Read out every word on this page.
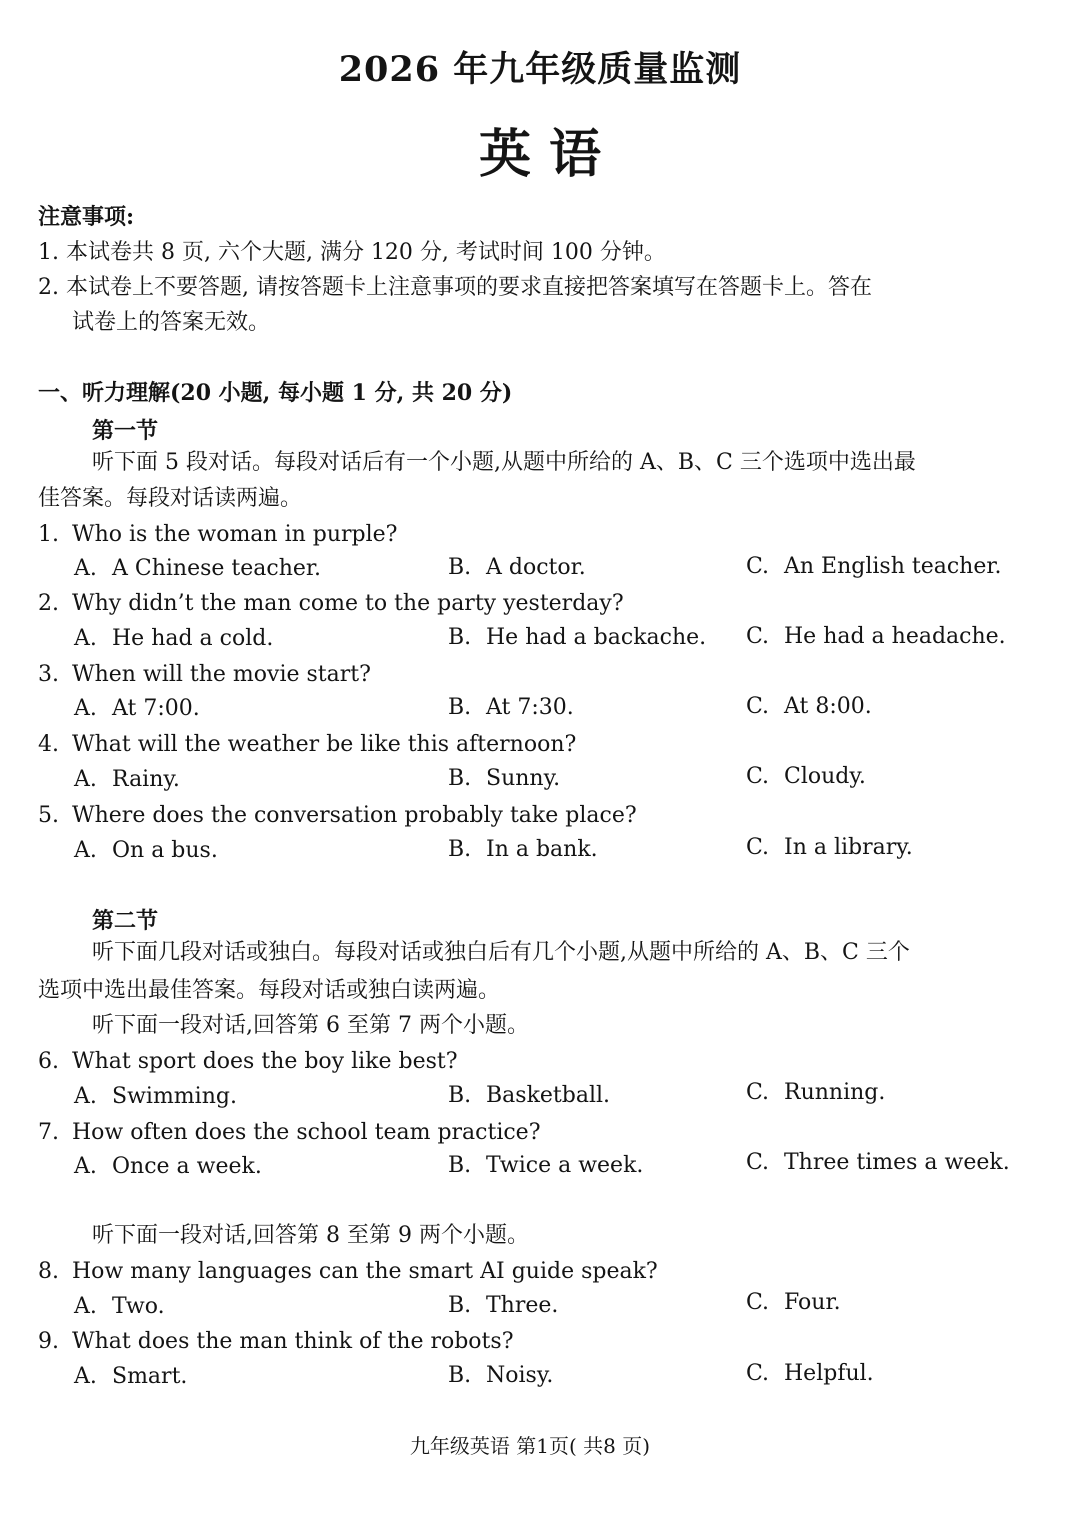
2026 年九年级质量监测
英 语
注意事项:
1. 本试卷共 8 页, 六个大题, 满分 120 分, 考试时间 100 分钟。
2. 本试卷上不要答题, 请按答题卡上注意事项的要求直接把答案填写在答题卡上。答在
试卷上的答案无效。
一、听力理解(20 小题, 每小题 1 分, 共 20 分)
第一节
听下面 5 段对话。每段对话后有一个小题,从题中所给的 A、B、C 三个选项中选出最
佳答案。每段对话读两遍。
1. Who is the woman in purple?
A. A Chinese teacher.	B. A doctor.	C. An English teacher.
2. Why didn’t the man come to the party yesterday?
A. He had a cold.	B. He had a backache. C. He had a headache.
3. When will the movie start?
A. At 7:00.	B. At 7:30.	C. At 8:00.
4. What will the weather be like this afternoon?
A. Rainy.	B. Sunny.	C. Cloudy.
5. Where does the conversation probably take place?
A. On a bus.	B. In a bank.	C. In a library.
第二节
听下面几段对话或独白。每段对话或独白后有几个小题,从题中所给的 A、B、C 三个
选项中选出最佳答案。每段对话或独白读两遍。
听下面一段对话,回答第 6 至第 7 两个小题。
6. What sport does the boy like best?
A. Swimming.	B. Basketball.	C. Running.
7. How often does the school team practice?
A. Once a week.	B. Twice a week.	C. Three times a week.
听下面一段对话,回答第 8 至第 9 两个小题。
8. How many languages can the smart AI guide speak?
A. Two.	B. Three.	C. Four.
9. What does the man think of the robots?
A. Smart.	B. Noisy.	C. Helpful.
九年级英语 第1页( 共8 页)
